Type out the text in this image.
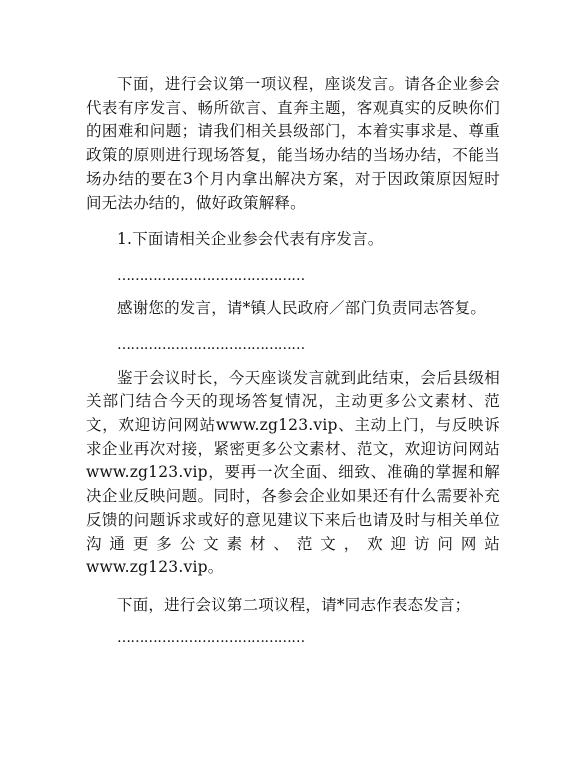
下面，进行会议第一项议程，座谈发言。请各企业参会代表有序发言、畅所欲言、直奔主题，客观真实的反映你们的困难和问题；请我们相关县级部门，本着实事求是、尊重政策的原则进行现场答复，能当场办结的当场办结，不能当场办结的要在3个月内拿出解决方案，对于因政策原因短时间无法办结的，做好政策解释。

1.下面请相关企业参会代表有序发言。

……………………………………

感谢您的发言，请*镇人民政府／部门负责同志答复。

……………………………………

鉴于会议时长，今天座谈发言就到此结束，会后县级相关部门结合今天的现场答复情况，主动更多公文素材、范文，欢迎访问网站www.zg123.vip、主动上门，与反映诉求企业再次对接，紧密更多公文素材、范文，欢迎访问网站www.zg123.vip，要再一次全面、细致、准确的掌握和解决企业反映问题。同时，各参会企业如果还有什么需要补充反馈的问题诉求或好的意见建议下来后也请及时与相关单位沟通更多公文素材、范文，欢迎访问网站www.zg123.vip。

下面，进行会议第二项议程，请*同志作表态发言；

……………………………………
